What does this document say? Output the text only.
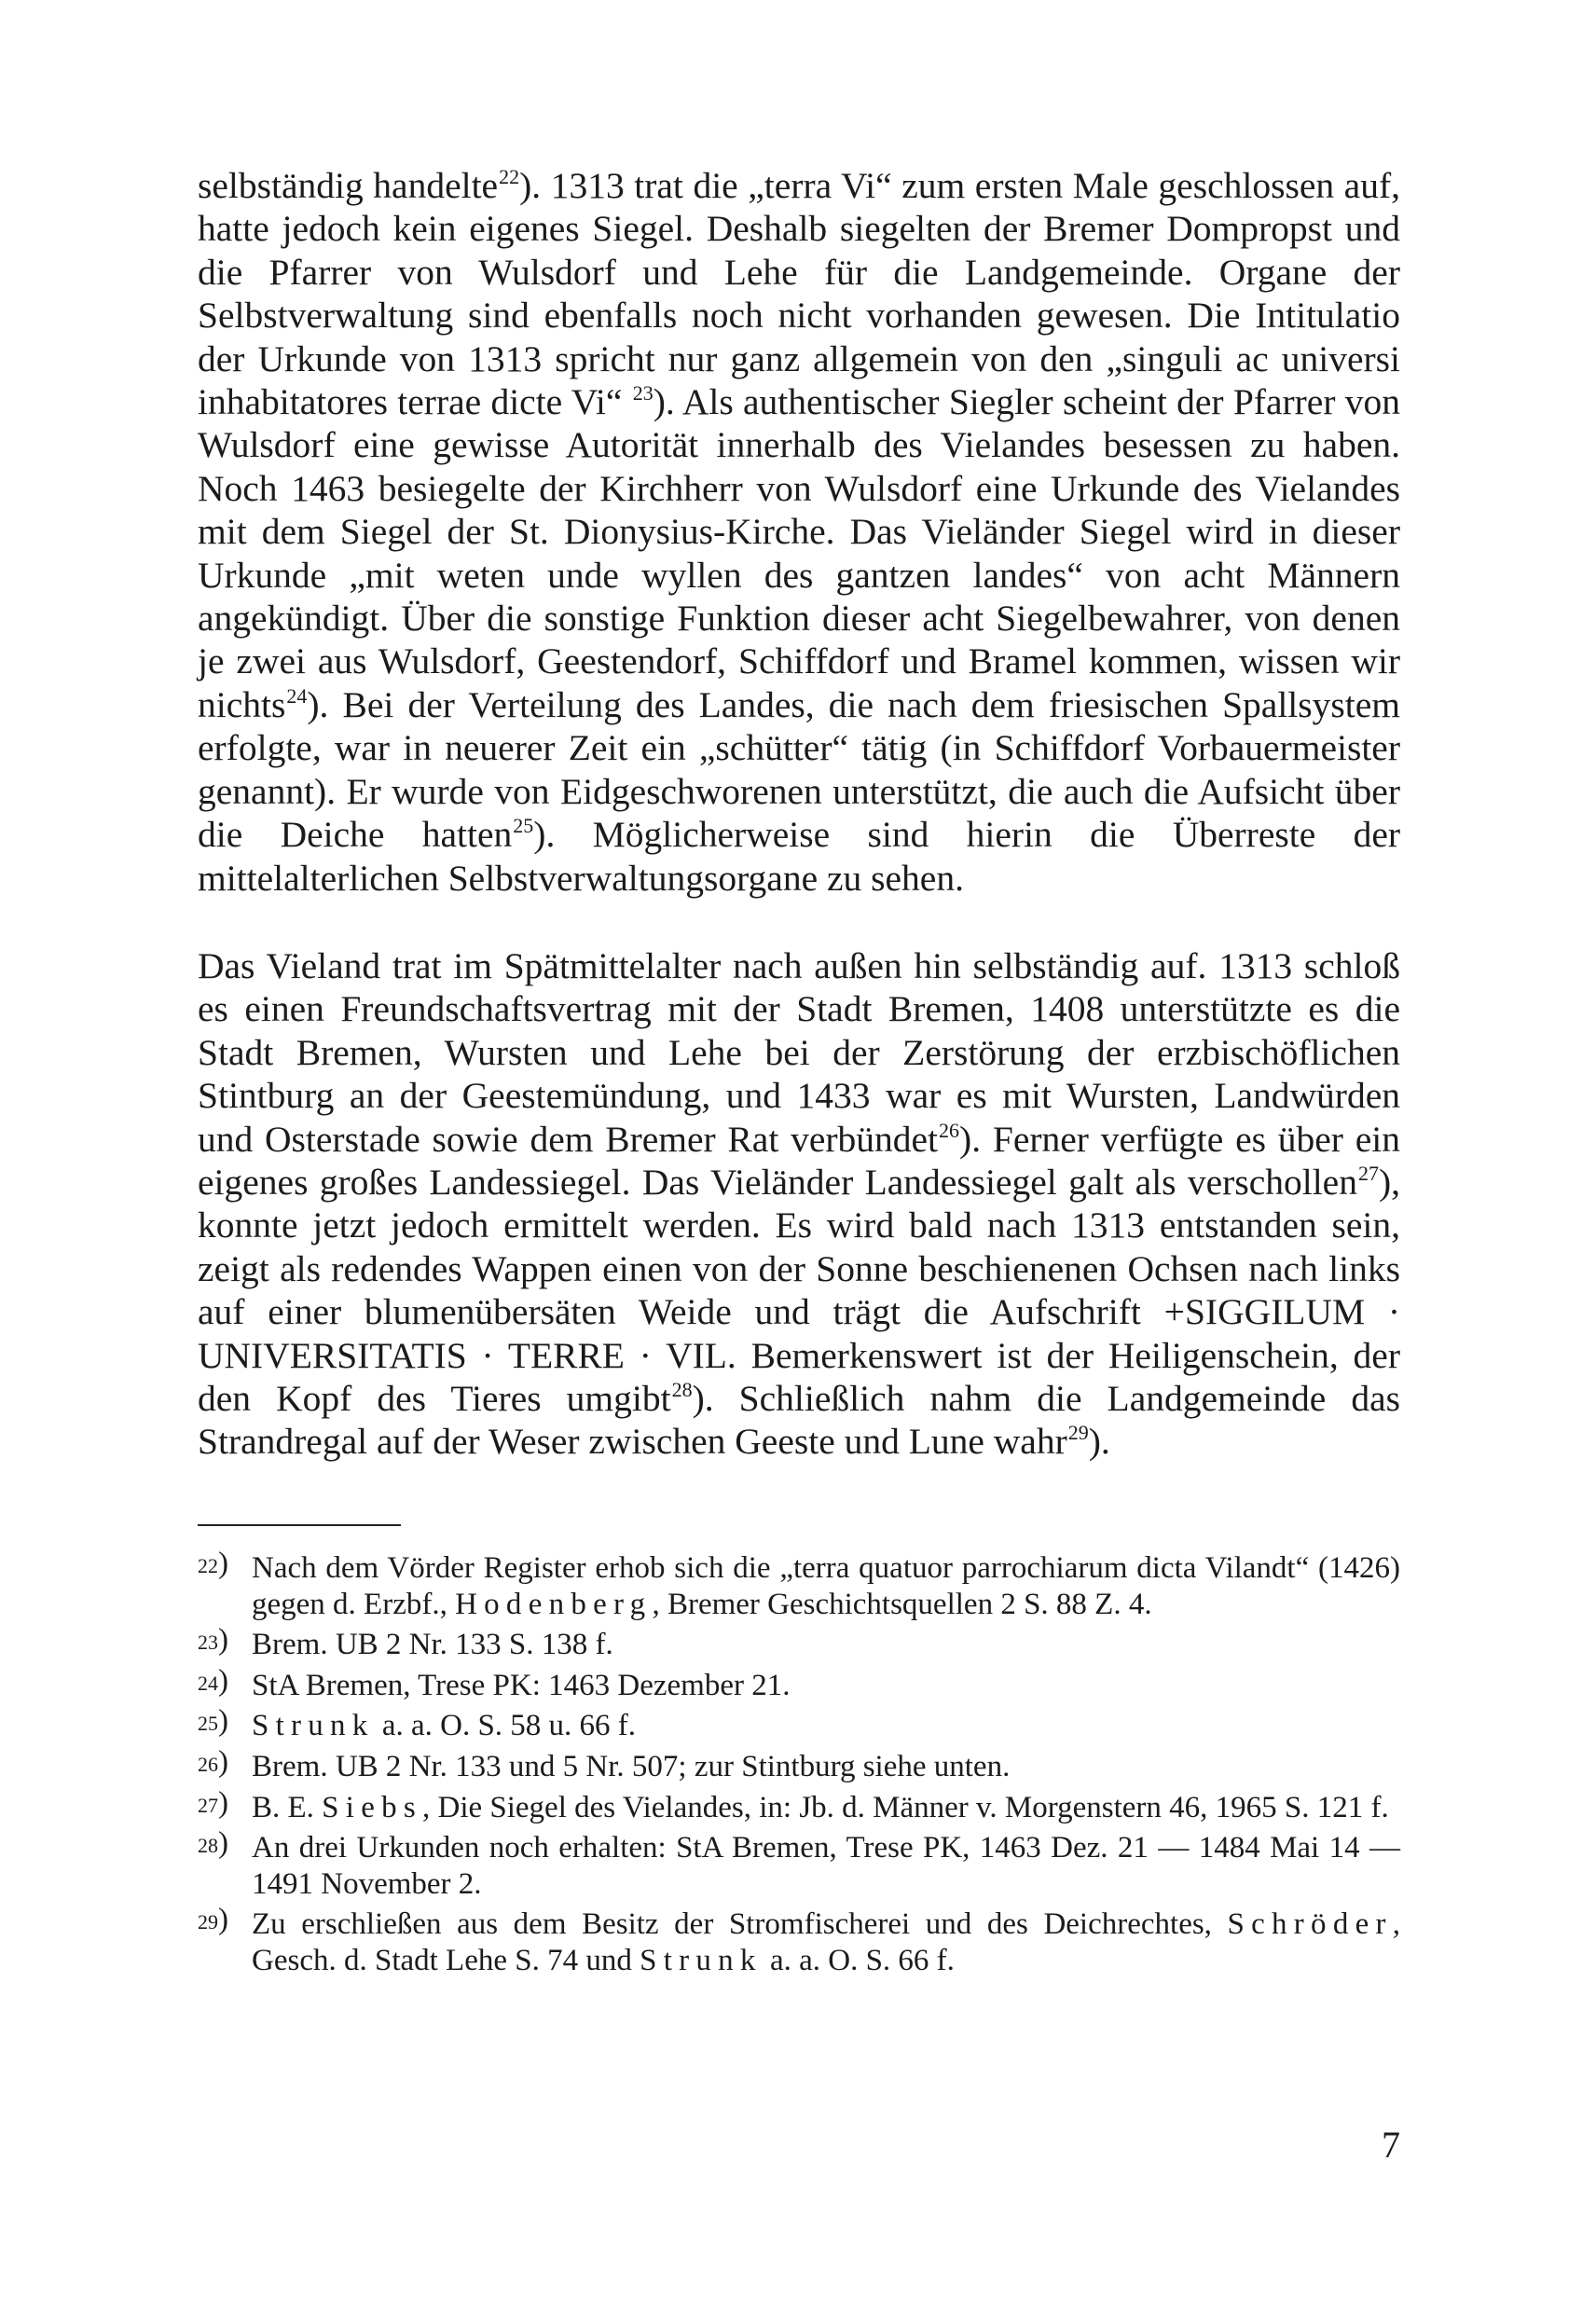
selbständig handelte$^{22}$). 1313 trat die „terra Vi“ zum ersten Male geschlossen auf, hatte jedoch kein eigenes Siegel. Deshalb siegelten der Bremer Dompropst und die Pfarrer von Wulsdorf und Lehe für die Landgemeinde. Organe der Selbstverwaltung sind ebenfalls noch nicht vorhanden gewesen. Die Intitulatio der Urkunde von 1313 spricht nur ganz allgemein von den „singuli ac universi inhabitatores terrae dicte Vi“ $^{23}$). Als authentischer Siegler scheint der Pfarrer von Wulsdorf eine gewisse Autorität innerhalb des Vielandes besessen zu haben. Noch 1463 besiegelte der Kirchherr von Wulsdorf eine Urkunde des Vielandes mit dem Siegel der St. Dionysius-Kirche. Das Vieländer Siegel wird in dieser Urkunde „mit weten unde wyllen des gantzen landes“ von acht Männern angekündigt. Über die sonstige Funktion dieser acht Siegelbewahrer, von denen je zwei aus Wulsdorf, Geestendorf, Schiffdorf und Bramel kommen, wissen wir nichts$^{24}$). Bei der Verteilung des Landes, die nach dem friesischen Spallsystem erfolgte, war in neuerer Zeit ein „schütter“ tätig (in Schiffdorf Vorbauermeister genannt). Er wurde von Eidgeschworenen unterstützt, die auch die Aufsicht über die Deiche hatten$^{25}$). Möglicherweise sind hierin die Überreste der mittelalterlichen Selbstverwaltungsorgane zu sehen.

Das Vieland trat im Spätmittelalter nach außen hin selbständig auf. 1313 schloß es einen Freundschaftsvertrag mit der Stadt Bremen, 1408 unterstützte es die Stadt Bremen, Wursten und Lehe bei der Zerstörung der erzbischöflichen Stintburg an der Geestemündung, und 1433 war es mit Wursten, Landwürden und Osterstade sowie dem Bremer Rat verbündet$^{26}$). Ferner verfügte es über ein eigenes großes Landessiegel. Das Vieländer Landessiegel galt als verschollen$^{27}$), konnte jetzt jedoch ermittelt werden. Es wird bald nach 1313 entstanden sein, zeigt als redendes Wappen einen von der Sonne beschienenen Ochsen nach links auf einer blumenübersäten Weide und trägt die Aufschrift +SIGGILUM · UNIVERSITATIS · TERRE · VIL. Bemerkenswert ist der Heiligenschein, der den Kopf des Tieres umgibt$^{28}$). Schließlich nahm die Landgemeinde das Strandregal auf der Weser zwischen Geeste und Lune wahr$^{29}$).

22) Nach dem Vörder Register erhob sich die „terra quatuor parrochiarum dicta Vilandt“ (1426) gegen d. Erzbf., Hodenberg, Bremer Geschichtsquellen 2 S. 88 Z. 4.
23) Brem. UB 2 Nr. 133 S. 138 f.
24) StA Bremen, Trese PK: 1463 Dezember 21.
25) Strunk a. a. O. S. 58 u. 66 f.
26) Brem. UB 2 Nr. 133 und 5 Nr. 507; zur Stintburg siehe unten.
27) B. E. Siebs, Die Siegel des Vielandes, in: Jb. d. Männer v. Morgenstern 46, 1965 S. 121 f.
28) An drei Urkunden noch erhalten: StA Bremen, Trese PK, 1463 Dez. 21 — 1484 Mai 14 — 1491 November 2.
29) Zu erschließen aus dem Besitz der Stromfischerei und des Deichrechtes, Schröder, Gesch. d. Stadt Lehe S. 74 und Strunk a. a. O. S. 66 f.
7
